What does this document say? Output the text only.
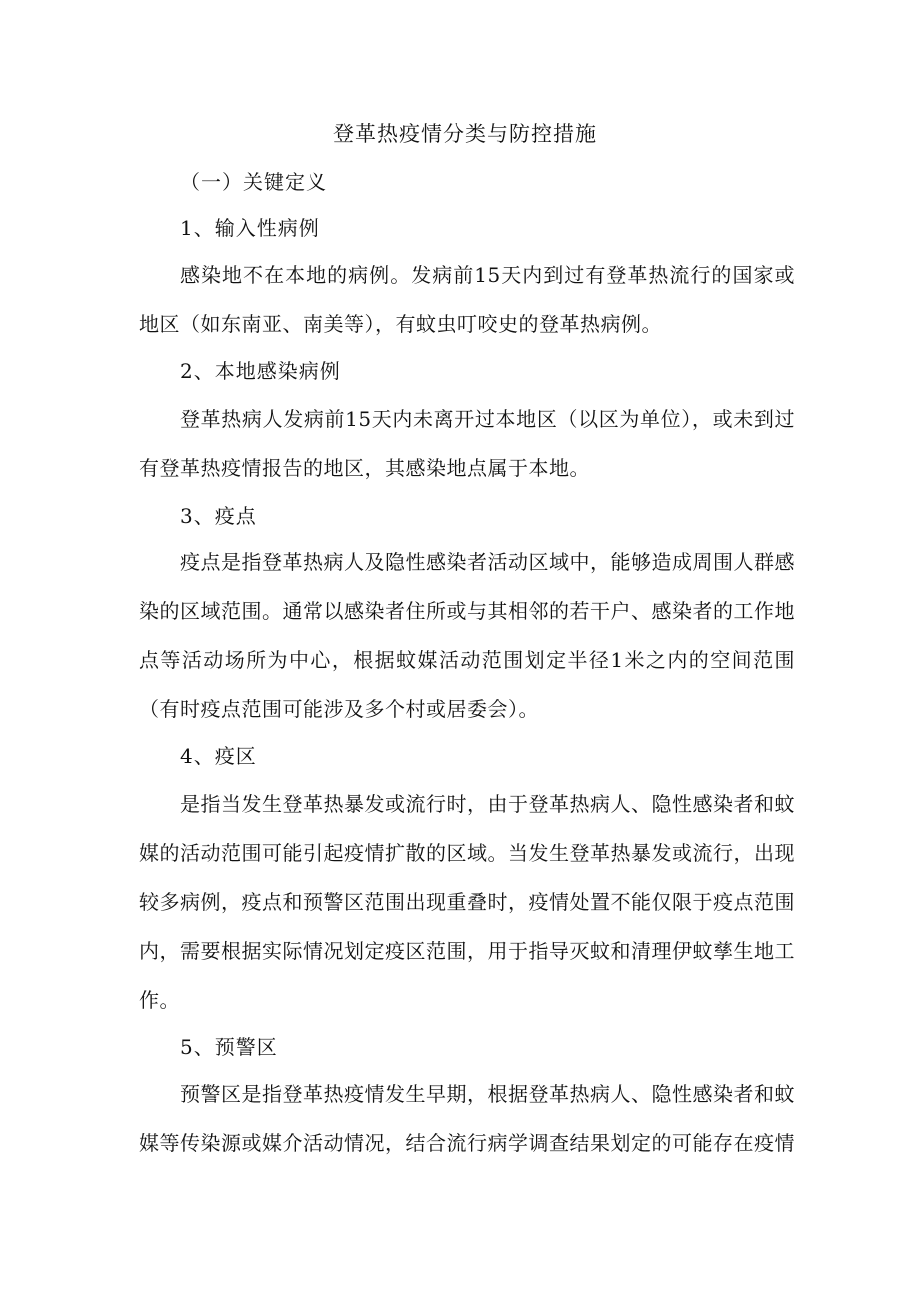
登革热疫情分类与防控措施
（一）关键定义
1、输入性病例
感染地不在本地的病例。发病前15天内到过有登革热流行的国家或地区（如东南亚、南美等），有蚊虫叮咬史的登革热病例。
2、本地感染病例
登革热病人发病前15天内未离开过本地区（以区为单位），或未到过有登革热疫情报告的地区，其感染地点属于本地。
3、疫点
疫点是指登革热病人及隐性感染者活动区域中，能够造成周围人群感染的区域范围。通常以感染者住所或与其相邻的若干户、感染者的工作地点等活动场所为中心，根据蚊媒活动范围划定半径1米之内的空间范围（有时疫点范围可能涉及多个村或居委会）。
4、疫区
是指当发生登革热暴发或流行时，由于登革热病人、隐性感染者和蚊媒的活动范围可能引起疫情扩散的区域。当发生登革热暴发或流行，出现较多病例，疫点和预警区范围出现重叠时，疫情处置不能仅限于疫点范围内，需要根据实际情况划定疫区范围，用于指导灭蚊和清理伊蚊孳生地工作。
5、预警区
预警区是指登革热疫情发生早期，根据登革热病人、隐性感染者和蚊媒等传染源或媒介活动情况，结合流行病学调查结果划定的可能存在疫情
